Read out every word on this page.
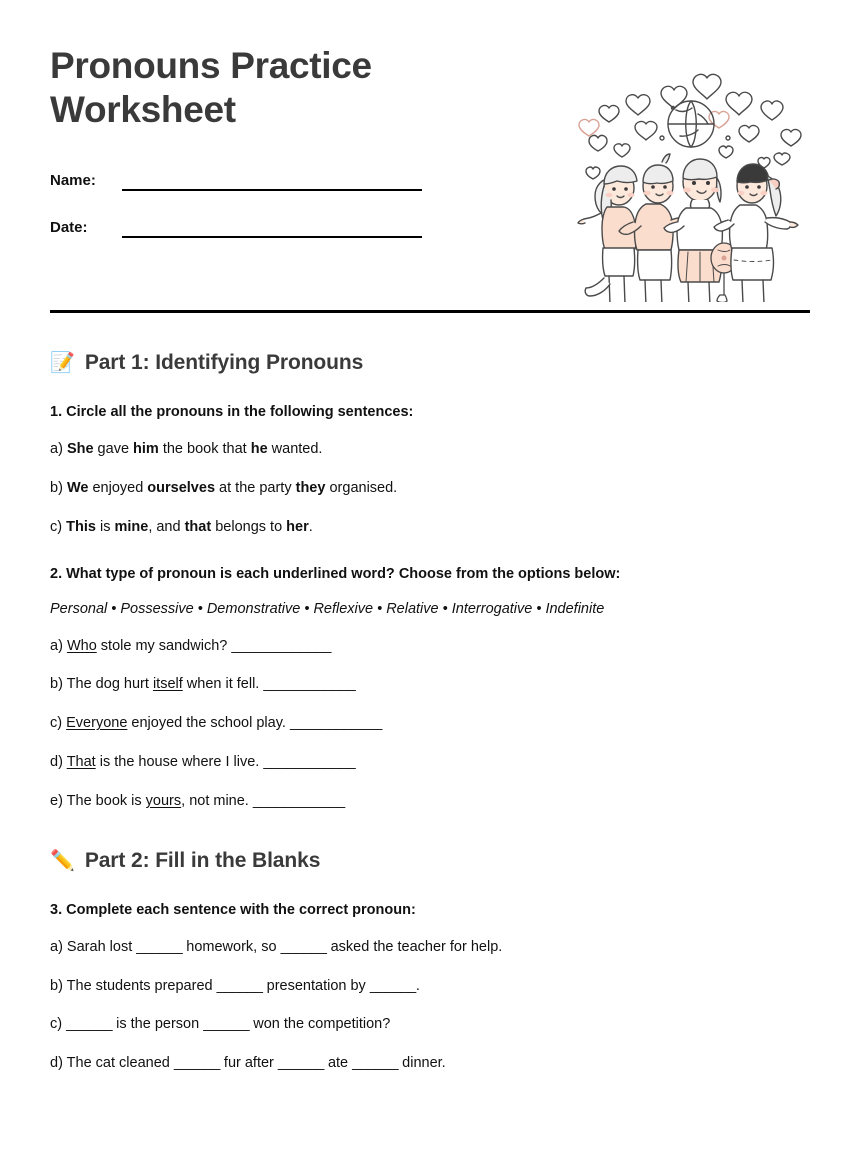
Pronouns Practice Worksheet
Name:
Date:
📝 Part 1: Identifying Pronouns
1. Circle all the pronouns in the following sentences:
a) She gave him the book that he wanted.
b) We enjoyed ourselves at the party they organised.
c) This is mine, and that belongs to her.
2. What type of pronoun is each underlined word? Choose from the options below:
Personal • Possessive • Demonstrative • Reflexive • Relative • Interrogative • Indefinite
a) Who stole my sandwich? _____________
b) The dog hurt itself when it fell. ____________
c) Everyone enjoyed the school play. ____________
d) That is the house where I live. ____________
e) The book is yours, not mine. ____________
✏️ Part 2: Fill in the Blanks
3. Complete each sentence with the correct pronoun:
a) Sarah lost ______ homework, so ______ asked the teacher for help.
b) The students prepared ______ presentation by ______.
c) ______ is the person ______ won the competition?
d) The cat cleaned ______ fur after ______ ate ______ dinner.
